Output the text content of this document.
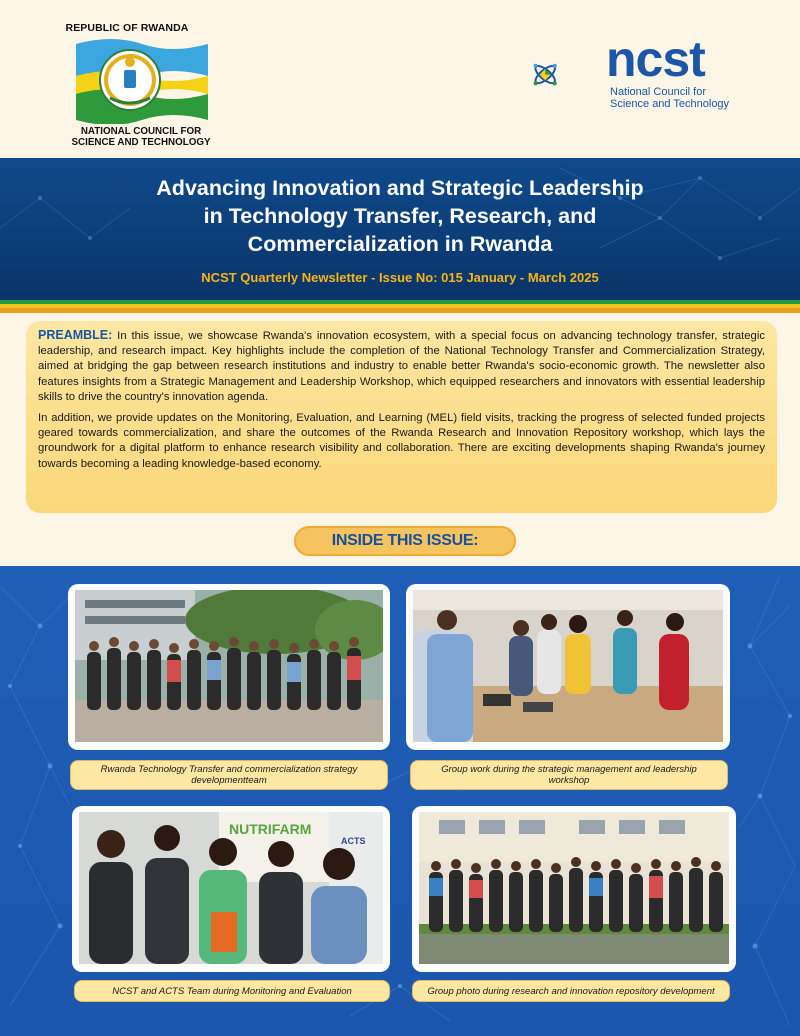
REPUBLIC OF RWANDA
NATIONAL COUNCIL FOR
SCIENCE AND TECHNOLOGY
ncst
National Council for
Science and Technology
Advancing Innovation and Strategic Leadership
in Technology Transfer, Research, and
Commercialization in Rwanda
NCST Quarterly Newsletter - Issue No: 015 January - March 2025

PREAMBLE: In this issue, we showcase Rwanda's innovation ecosystem, with a special focus on advancing technology transfer, strategic leadership, and research impact. Key highlights include the completion of the National Technology Transfer and Commercialization Strategy, aimed at bridging the gap between research institutions and industry to enable better Rwanda's socio-economic growth. The newsletter also features insights from a Strategic Management and Leadership Workshop, which equipped researchers and innovators with essential leadership skills to drive the country's innovation agenda.

In addition, we provide updates on the Monitoring, Evaluation, and Learning (MEL) field visits, tracking the progress of selected funded projects geared towards commercialization, and share the outcomes of the Rwanda Research and Innovation Repository workshop, which lays the groundwork for a digital platform to enhance research visibility and collaboration. There are exciting developments shaping Rwanda's journey towards becoming a leading knowledge-based economy.

INSIDE THIS ISSUE:
Rwanda Technology Transfer and commercialization strategy
developmentteam
Group work during the strategic management and leadership
workshop
NUTRIFARM
ACTS
NCST and ACTS Team during Monitoring and Evaluation	Group photo during research and innovation repository development
